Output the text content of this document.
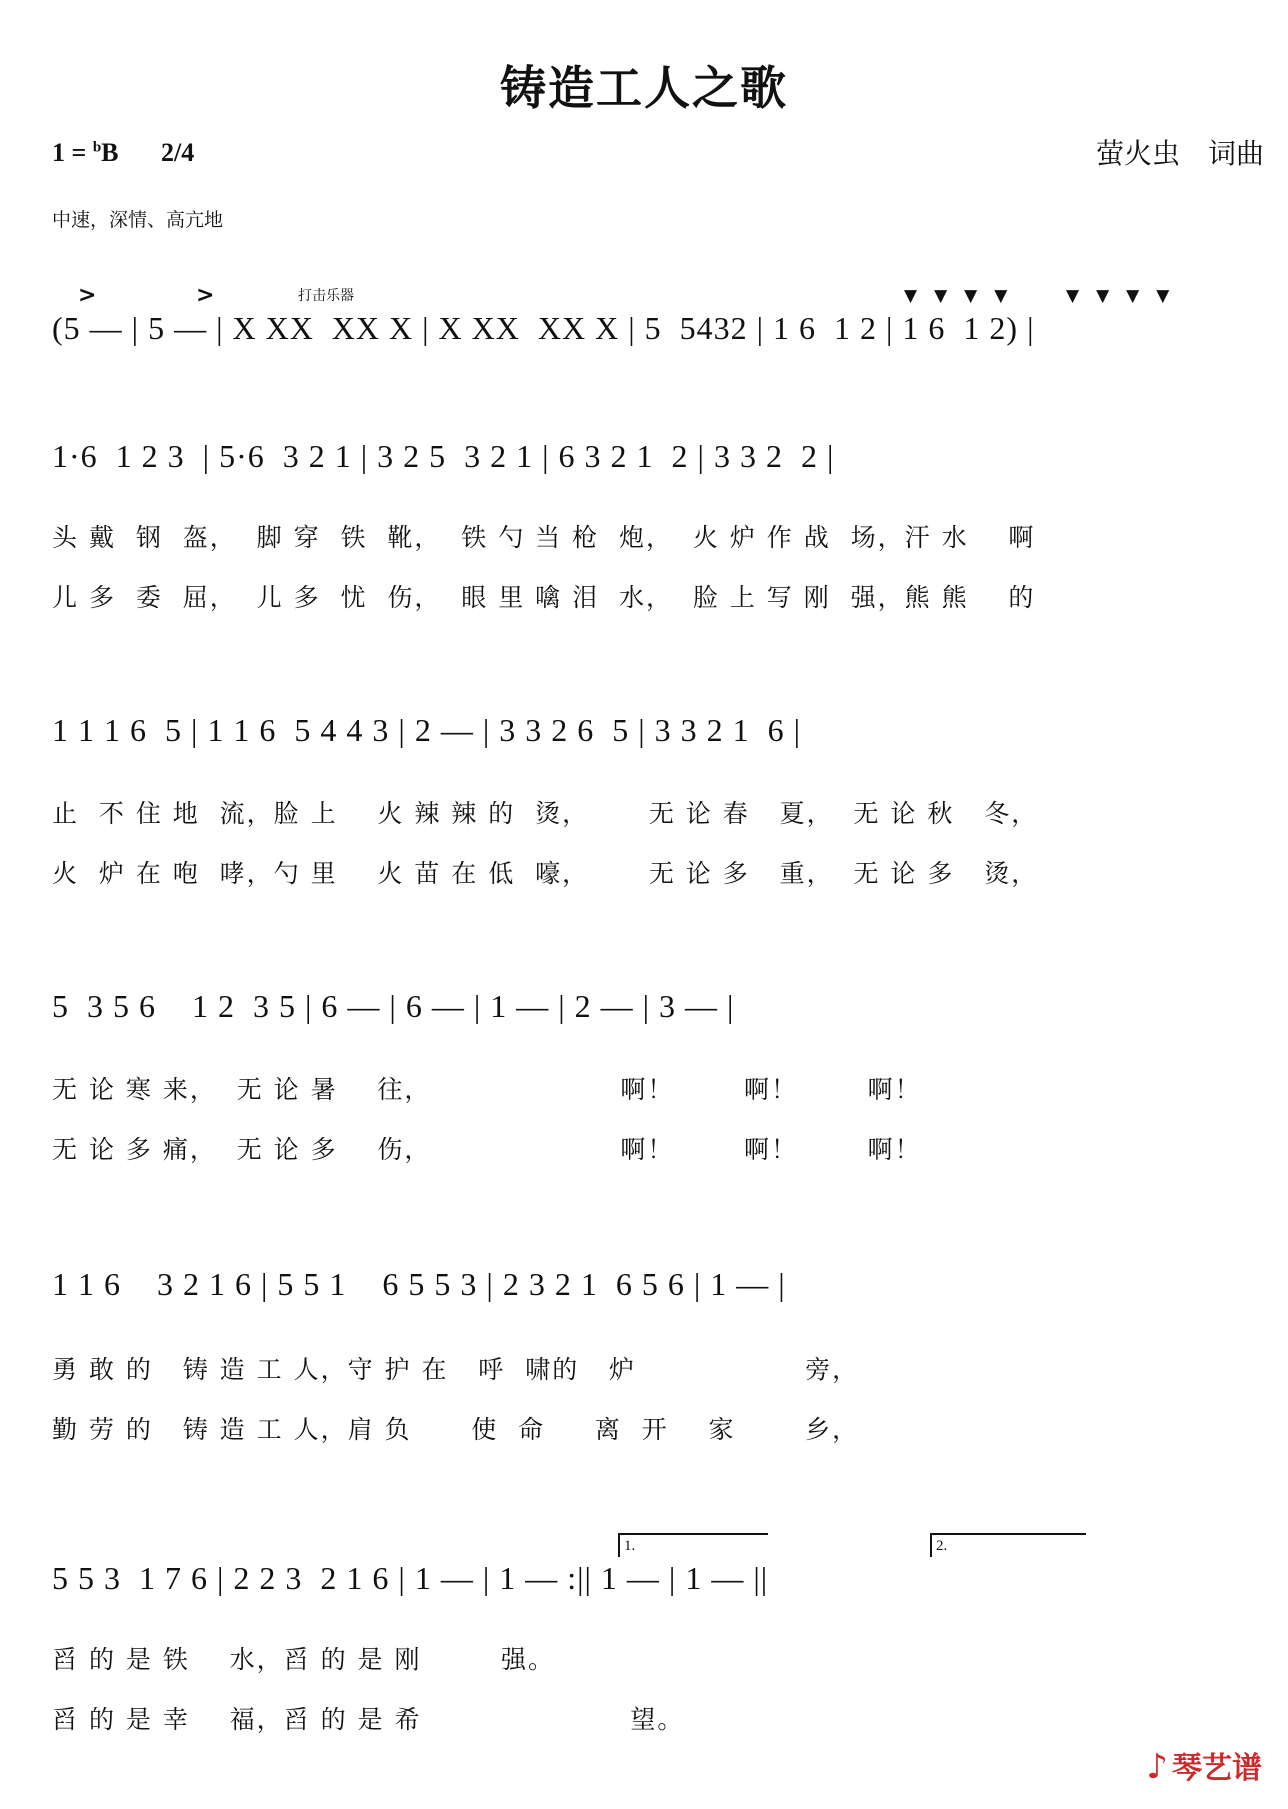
铸造工人之歌
1 = $^b$B 2/4	萤火虫　词曲
中速，深情、高亢地
>	>	打击乐器	▼▼▼▼ ▼▼▼▼
(5 — | 5 — | X XX  XX X | X XX  XX X | 5  5432 | 1 6  1 2 | 1 6  1 2) |
1·6  1 2 3  | 5·6  3 2 1 | 3 2 5  3 2 1 | 6 3 2 1  2 | 3 3 2  2 |
头 戴  钢  盔，  脚 穿  铁  靴，  铁 勺 当 枪  炮，  火 炉 作 战  场，汗 水    啊
儿 多  委  屈，  儿 多  忧  伤，  眼 里 噙 泪  水，  脸 上 写 刚  强，熊 熊    的
1 1 1 6  5 | 1 1 6  5 4 4 3 | 2 — | 3 3 2 6  5 | 3 3 2 1  6 |
止  不 住 地  流，脸 上    火 辣 辣 的  烫，      无 论 春   夏，  无 论 秋   冬，
火  炉 在 咆  哮，勺 里    火 苗 在 低  嚎，      无 论 多   重，  无 论 多   烫，
5  3 5 6    1 2  3 5 | 6 — | 6 — | 1 — | 2 — | 3 — |
无 论 寒 来，  无 论 暑    往，                   啊！       啊！       啊！
无 论 多 痛，  无 论 多    伤，                   啊！       啊！       啊！
1 1 6    3 2 1 6 | 5 5 1    6 5 5 3 | 2 3 2 1  6 5 6 | 1 — |
勇 敢 的   铸 造 工 人，守 护 在   呼  啸的   炉                 旁，
勤 劳 的   铸 造 工 人，肩 负      使  命     离  开    家       乡，
1.	2.
5 5 3  1 7 6 | 2 2 3  2 1 6 | 1 — | 1 — :|| 1 — | 1 — ||
舀 的 是 铁    水，舀 的 是 刚        强。
舀 的 是 幸    福，舀 的 是 希                     望。
♪ 琴艺谱
